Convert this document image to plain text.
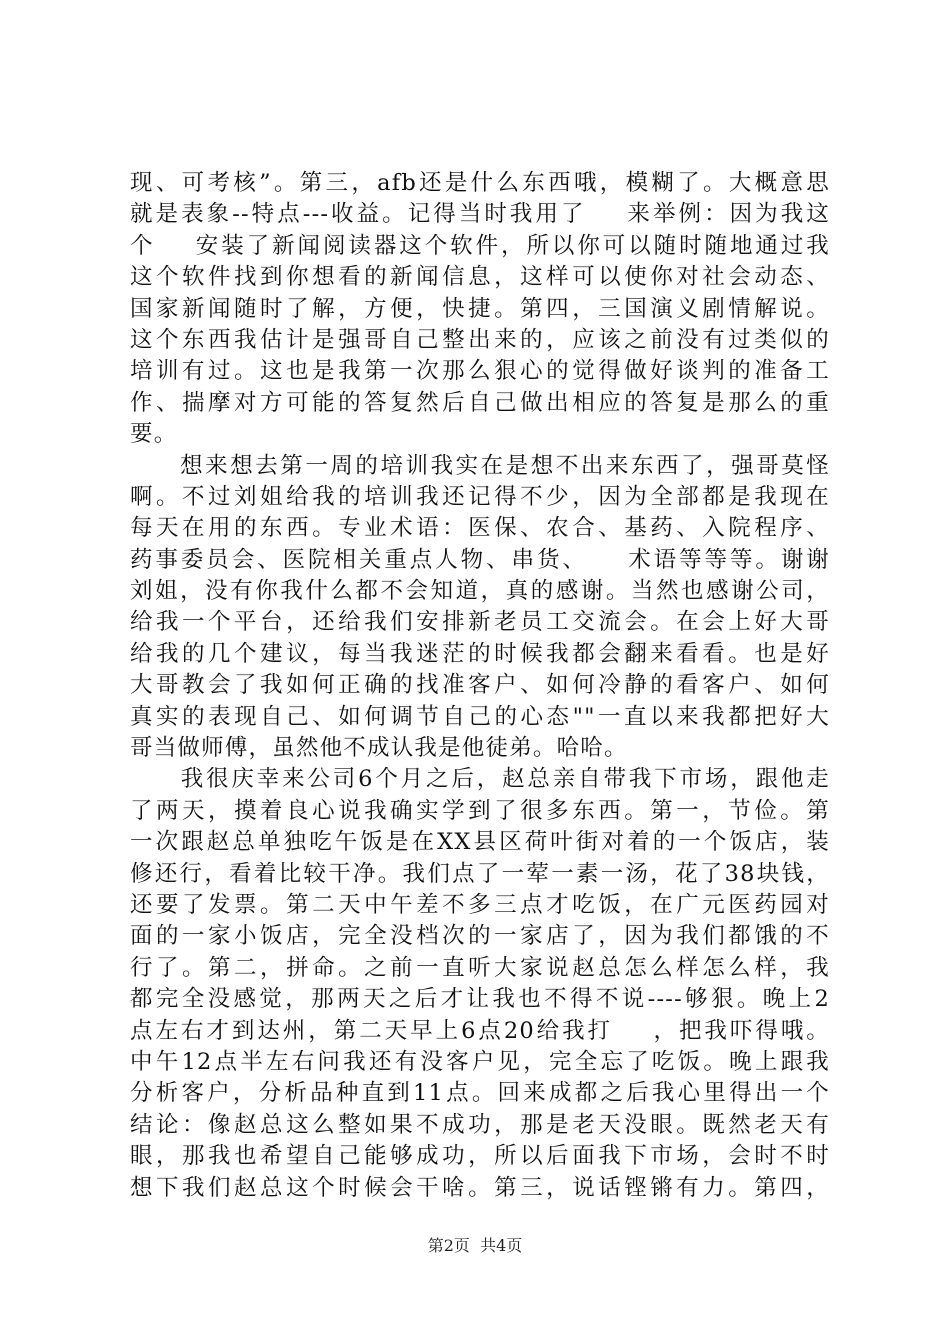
现、可考核”。第三，afb还是什么东西哦，模糊了。大概意思
就是表象--特点---收益。记得当时我用了    来举例：因为我这
个    安装了新闻阅读器这个软件，所以你可以随时随地通过我
这个软件找到你想看的新闻信息，这样可以使你对社会动态、
国家新闻随时了解，方便，快捷。第四，三国演义剧情解说。
这个东西我估计是强哥自己整出来的，应该之前没有过类似的
培训有过。这也是我第一次那么狠心的觉得做好谈判的准备工
作、揣摩对方可能的答复然后自己做出相应的答复是那么的重
要。
　　想来想去第一周的培训我实在是想不出来东西了，强哥莫怪
啊。不过刘姐给我的培训我还记得不少，因为全部都是我现在
每天在用的东西。专业术语：医保、农合、基药、入院程序、
药事委员会、医院相关重点人物、串货、    术语等等等。谢谢
刘姐，没有你我什么都不会知道，真的感谢。当然也感谢公司，
给我一个平台，还给我们安排新老员工交流会。在会上好大哥
给我的几个建议，每当我迷茫的时候我都会翻来看看。也是好
大哥教会了我如何正确的找准客户、如何冷静的看客户、如何
真实的表现自己、如何调节自己的心态""一直以来我都把好大
哥当做师傅，虽然他不成认我是他徒弟。哈哈。
　　我很庆幸来公司6个月之后，赵总亲自带我下市场，跟他走
了两天，摸着良心说我确实学到了很多东西。第一，节俭。第
一次跟赵总单独吃午饭是在XX县区荷叶街对着的一个饭店，装
修还行，看着比较干净。我们点了一荤一素一汤，花了38块钱，
还要了发票。第二天中午差不多三点才吃饭，在广元医药园对
面的一家小饭店，完全没档次的一家店了，因为我们都饿的不
行了。第二，拼命。之前一直听大家说赵总怎么样怎么样，我
都完全没感觉，那两天之后才让我也不得不说----够狠。晚上2
点左右才到达州，第二天早上6点20给我打    ，把我吓得哦。
中午12点半左右问我还有没客户见，完全忘了吃饭。晚上跟我
分析客户，分析品种直到11点。回来成都之后我心里得出一个
结论：像赵总这么整如果不成功，那是老天没眼。既然老天有
眼，那我也希望自己能够成功，所以后面我下市场，会时不时
想下我们赵总这个时候会干啥。第三，说话铿锵有力。第四，
第2页  共4页
